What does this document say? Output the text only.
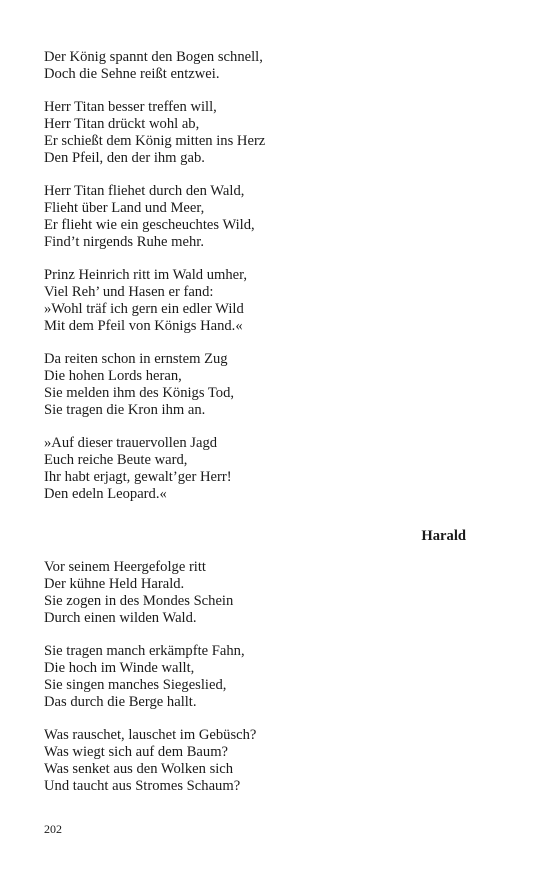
Der König spannt den Bogen schnell,
Doch die Sehne reißt entzwei.
Herr Titan besser treffen will,
Herr Titan drückt wohl ab,
Er schießt dem König mitten ins Herz
Den Pfeil, den der ihm gab.
Herr Titan fliehet durch den Wald,
Flieht über Land und Meer,
Er flieht wie ein gescheuchtes Wild,
Find’t nirgends Ruhe mehr.
Prinz Heinrich ritt im Wald umher,
Viel Reh’ und Hasen er fand:
»Wohl träf ich gern ein edler Wild
Mit dem Pfeil von Königs Hand.«
Da reiten schon in ernstem Zug
Die hohen Lords heran,
Sie melden ihm des Königs Tod,
Sie tragen die Kron ihm an.
»Auf dieser trauervollen Jagd
Euch reiche Beute ward,
Ihr habt erjagt, gewalt’ger Herr!
Den edeln Leopard.«
Harald
Vor seinem Heergefolge ritt
Der kühne Held Harald.
Sie zogen in des Mondes Schein
Durch einen wilden Wald.
Sie tragen manch erkämpfte Fahn,
Die hoch im Winde wallt,
Sie singen manches Siegeslied,
Das durch die Berge hallt.
Was rauschet, lauschet im Gebüsch?
Was wiegt sich auf dem Baum?
Was senket aus den Wolken sich
Und taucht aus Stromes Schaum?
202
